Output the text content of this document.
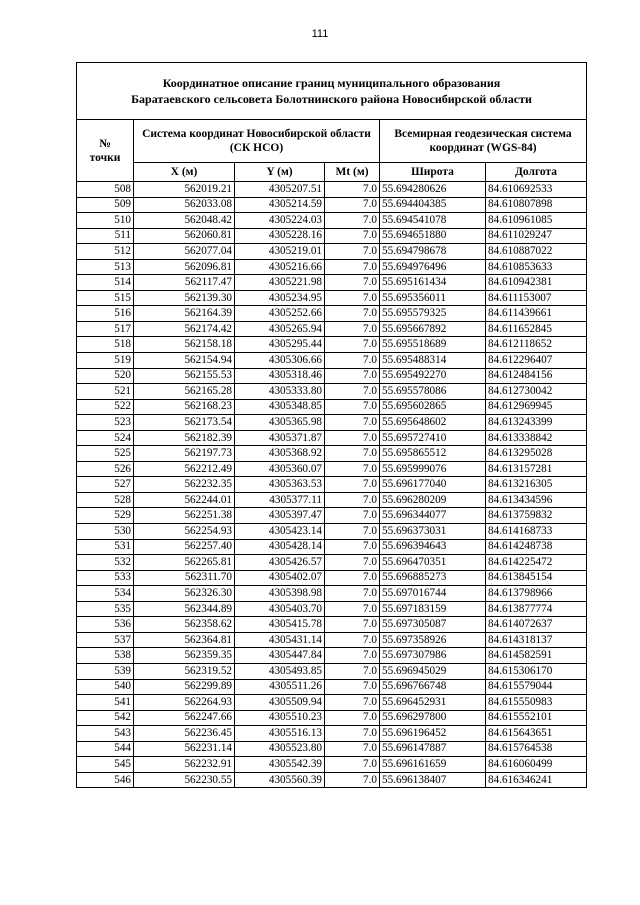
111
Координатное описание границ муниципального образования
Баратаевского сельсовета Болотнинского района Новосибирской области					

№
точки	Система координат Новосибирской области (СК НСО)			Всемирная геодезическая система координат (WGS-84)	
	X (м)	Y (м)	Mt (м)	Широта	Долгота
508	562019.21	4305207.51	7.0	55.694280626	84.610692533
509	562033.08	4305214.59	7.0	55.694404385	84.610807898
510	562048.42	4305224.03	7.0	55.694541078	84.610961085
511	562060.81	4305228.16	7.0	55.694651880	84.611029247
512	562077.04	4305219.01	7.0	55.694798678	84.610887022
513	562096.81	4305216.66	7.0	55.694976496	84.610853633
514	562117.47	4305221.98	7.0	55.695161434	84.610942381
515	562139.30	4305234.95	7.0	55.695356011	84.611153007
516	562164.39	4305252.66	7.0	55.695579325	84.611439661
517	562174.42	4305265.94	7.0	55.695667892	84.611652845
518	562158.18	4305295.44	7.0	55.695518689	84.612118652
519	562154.94	4305306.66	7.0	55.695488314	84.612296407
520	562155.53	4305318.46	7.0	55.695492270	84.612484156
521	562165.28	4305333.80	7.0	55.695578086	84.612730042
522	562168.23	4305348.85	7.0	55.695602865	84.612969945
523	562173.54	4305365.98	7.0	55.695648602	84.613243399
524	562182.39	4305371.87	7.0	55.695727410	84.613338842
525	562197.73	4305368.92	7.0	55.695865512	84.613295028
526	562212.49	4305360.07	7.0	55.695999076	84.613157281
527	562232.35	4305363.53	7.0	55.696177040	84.613216305
528	562244.01	4305377.11	7.0	55.696280209	84.613434596
529	562251.38	4305397.47	7.0	55.696344077	84.613759832
530	562254.93	4305423.14	7.0	55.696373031	84.614168733
531	562257.40	4305428.14	7.0	55.696394643	84.614248738
532	562265.81	4305426.57	7.0	55.696470351	84.614225472
533	562311.70	4305402.07	7.0	55.696885273	84.613845154
534	562326.30	4305398.98	7.0	55.697016744	84.613798966
535	562344.89	4305403.70	7.0	55.697183159	84.613877774
536	562358.62	4305415.78	7.0	55.697305087	84.614072637
537	562364.81	4305431.14	7.0	55.697358926	84.614318137
538	562359.35	4305447.84	7.0	55.697307986	84.614582591
539	562319.52	4305493.85	7.0	55.696945029	84.615306170
540	562299.89	4305511.26	7.0	55.696766748	84.615579044
541	562264.93	4305509.94	7.0	55.696452931	84.615550983
542	562247.66	4305510.23	7.0	55.696297800	84.615552101
543	562236.45	4305516.13	7.0	55.696196452	84.615643651
544	562231.14	4305523.80	7.0	55.696147887	84.615764538
545	562232.91	4305542.39	7.0	55.696161659	84.616060499
546	562230.55	4305560.39	7.0	55.696138407	84.616346241
